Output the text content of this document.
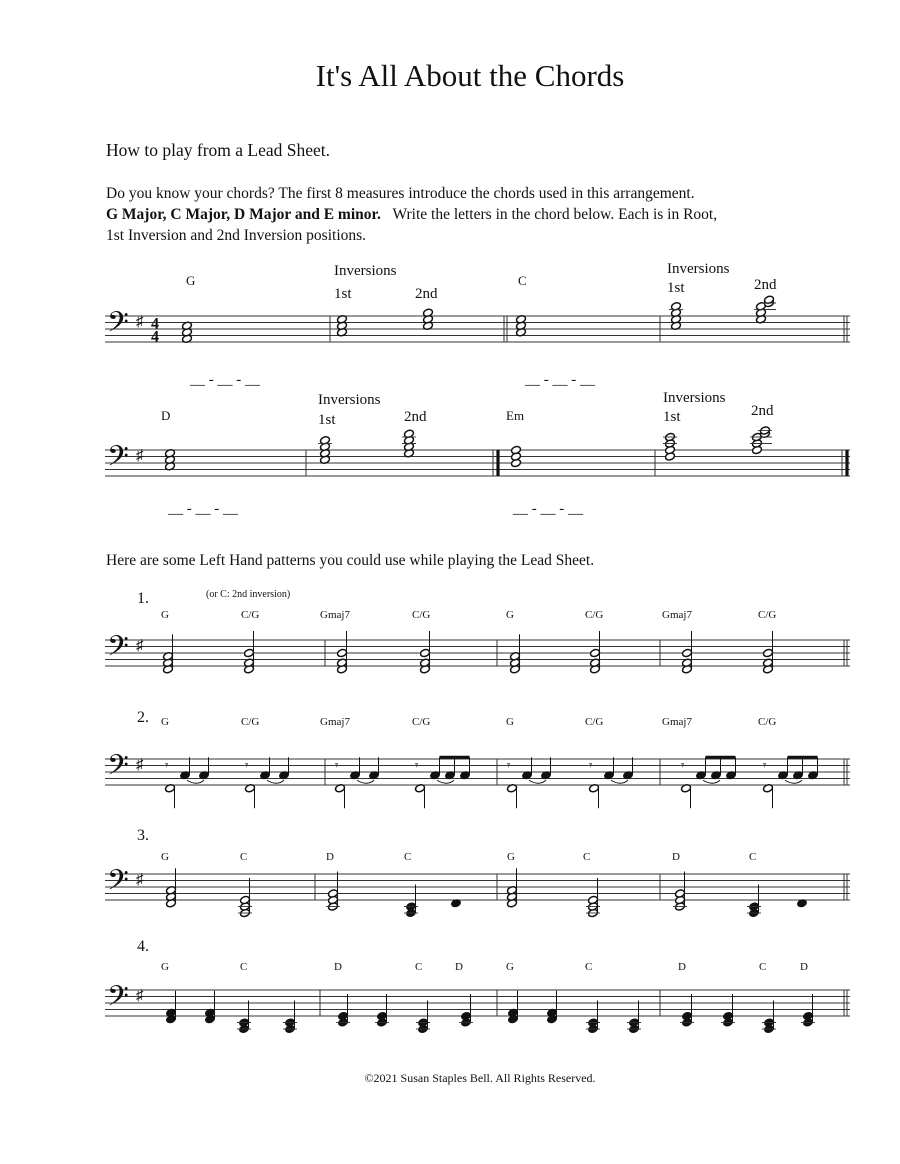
It's All About the Chords
How to play from a Lead Sheet.
Do you know your chords? The first 8 measures introduce the chords used in this arrangement.
G Major, C Major, D Major and E minor. Write the letters in the chord below. Each is in Root,
1st Inversion and 2nd Inversion positions.
Here are some Left Hand patterns you could use while playing the Lead Sheet.
©2021 Susan Staples Bell. All Rights Reserved.
G
Inversions
1st	2nd
C
Inversions
1st	2nd
__ - __ - __	__ - __ - __
𝄢 ♯ 4
4
D
Inversions
1st	2nd	Em
Inversions
1st	2nd
__ - __ - __	__ - __ - __
𝄢 ♯
1.	(or C: 2nd inversion)
G	C/G	Gmaj7	C/G	G	C/G	Gmaj7	C/G
𝄢 ♯
2. G	C/G	Gmaj7	C/G	G	C/G	Gmaj7	C/G
𝄢 ♯ 𝄾	𝄾	𝄾	𝄾	𝄾	𝄾	𝄾	𝄾
3.
G	C	D	C	G	C	D	C
𝄢 ♯
4.
G	C	D	C	D	G	C	D	C	D
𝄢 ♯
